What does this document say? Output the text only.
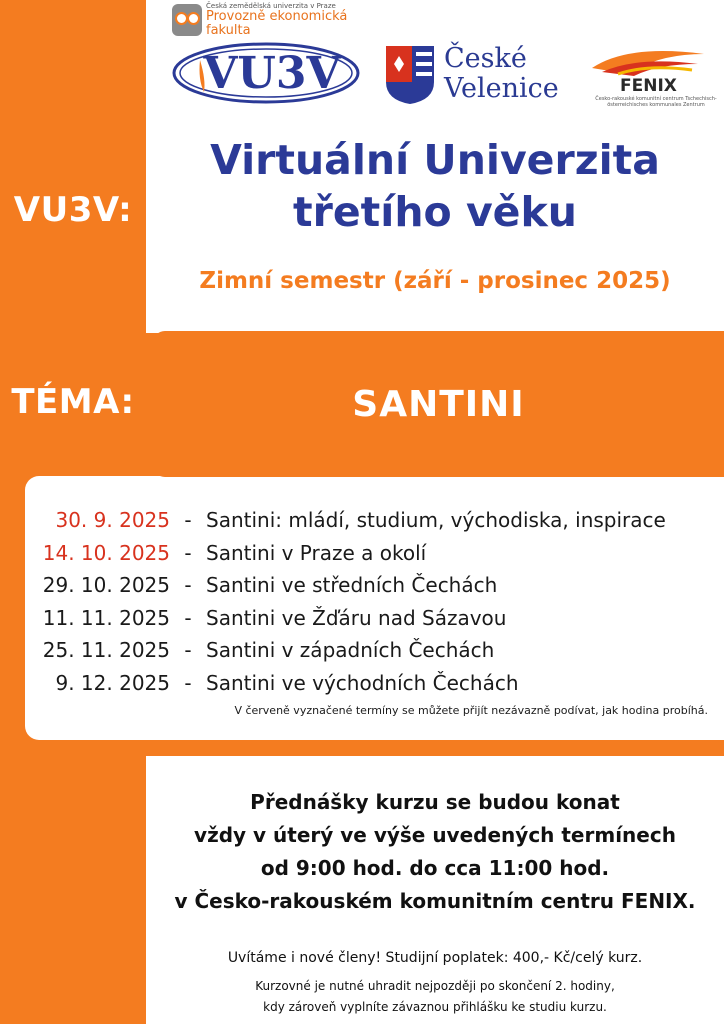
Česká zemědělská univerzita v Praze
Provozně ekonomická
fakulta
VU3V	České
Velenice	FENIX
Česko-rakouské komunitní centrum Tschechisch-österreichisches kommunales Zentrum
Virtuální Univerzita
třetího věku
Zimní semestr (září - prosinec 2025)
VU3V:
TÉMA:	SANTINI
30. 9. 2025 - Santini: mládí, studium, východiska, inspirace
14. 10. 2025 - Santini v Praze a okolí
29. 10. 2025 - Santini ve středních Čechách
11. 11. 2025 - Santini ve Žďáru nad Sázavou
25. 11. 2025 - Santini v západních Čechách
9. 12. 2025 - Santini ve východních Čechách
V červeně vyznačené termíny se můžete přijít nezávazně podívat, jak hodina probíhá.
Přednášky kurzu se budou konat
vždy v úterý ve výše uvedených termínech
od 9:00 hod. do cca 11:00 hod.
v Česko-rakouském komunitním centru FENIX.
Uvítáme i nové členy! Studijní poplatek: 400,- Kč/celý kurz.
Kurzovné je nutné uhradit nejpozději po skončení 2. hodiny,
kdy zároveň vyplníte závaznou přihlášku ke studiu kurzu.
